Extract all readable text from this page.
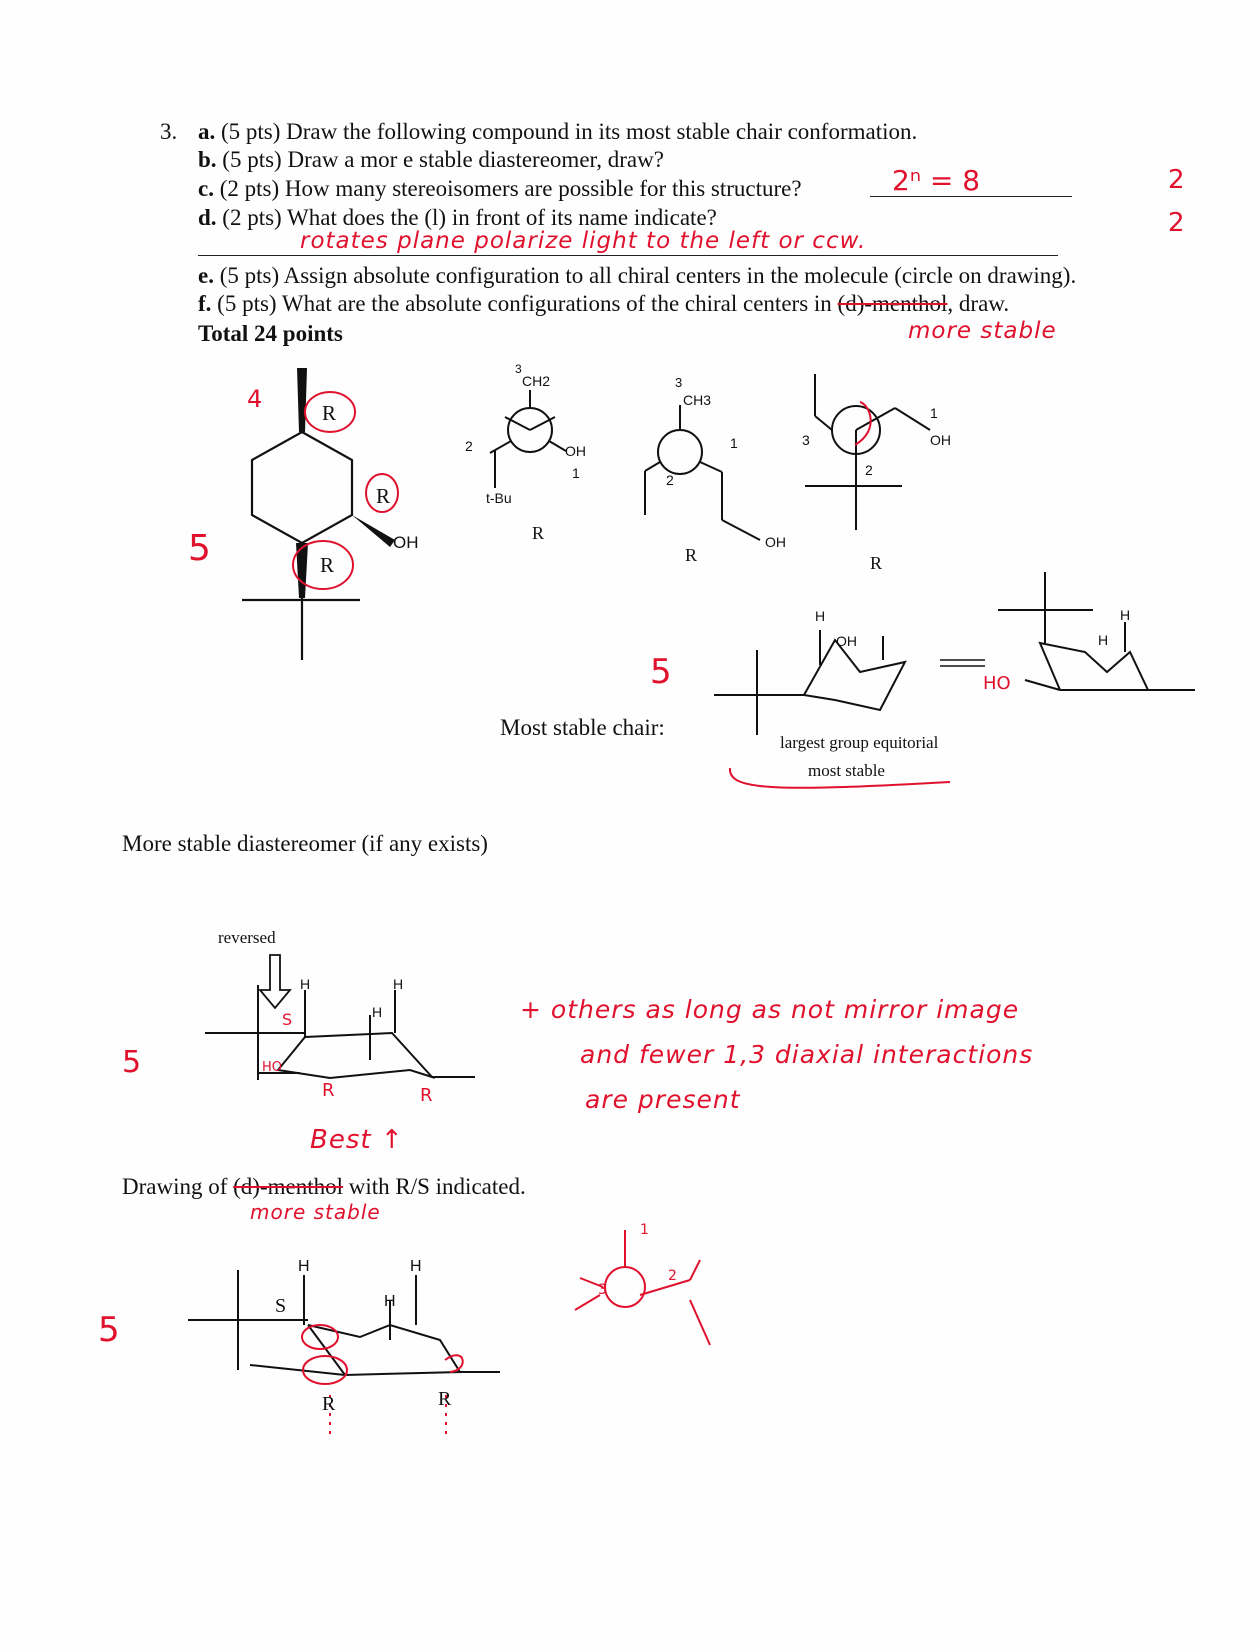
3. a. (5 pts) Draw the following compound in its most stable chair conformation.
b. (5 pts) Draw a mor e stable diastereomer, draw?
c. (2 pts) How many stereoisomers are possible for this structure?	2ⁿ = 8	2
d. (2 pts) What does the (l) in front of its name indicate?	2
rotates plane polarize light to the left or ccw.
e. (5 pts) Assign absolute configuration to all chiral centers in the molecule (circle on drawing).
f. (5 pts) What are the absolute configurations of the chiral centers in (d)-menthol, draw.
Total 24 points	more stable
4	R
R
R
OH
5
3
CH2
2	OH
1
t-Bu
R
3
CH3
1
2
OH
R
3
1
OH
2
R
H
OH	H
H
HO
5
Most stable chair:
largest group equitorial
most stable
More stable diastereomer (if any exists)
reversed
H	H
H
HO
S
R	R
5
Best ↑
+ others as long as not mirror image
and fewer 1,3 diaxial interactions
are present
Drawing of (d)-menthol with R/S indicated.
more stable
H	H
H
S
R	R
5
3
2
1
